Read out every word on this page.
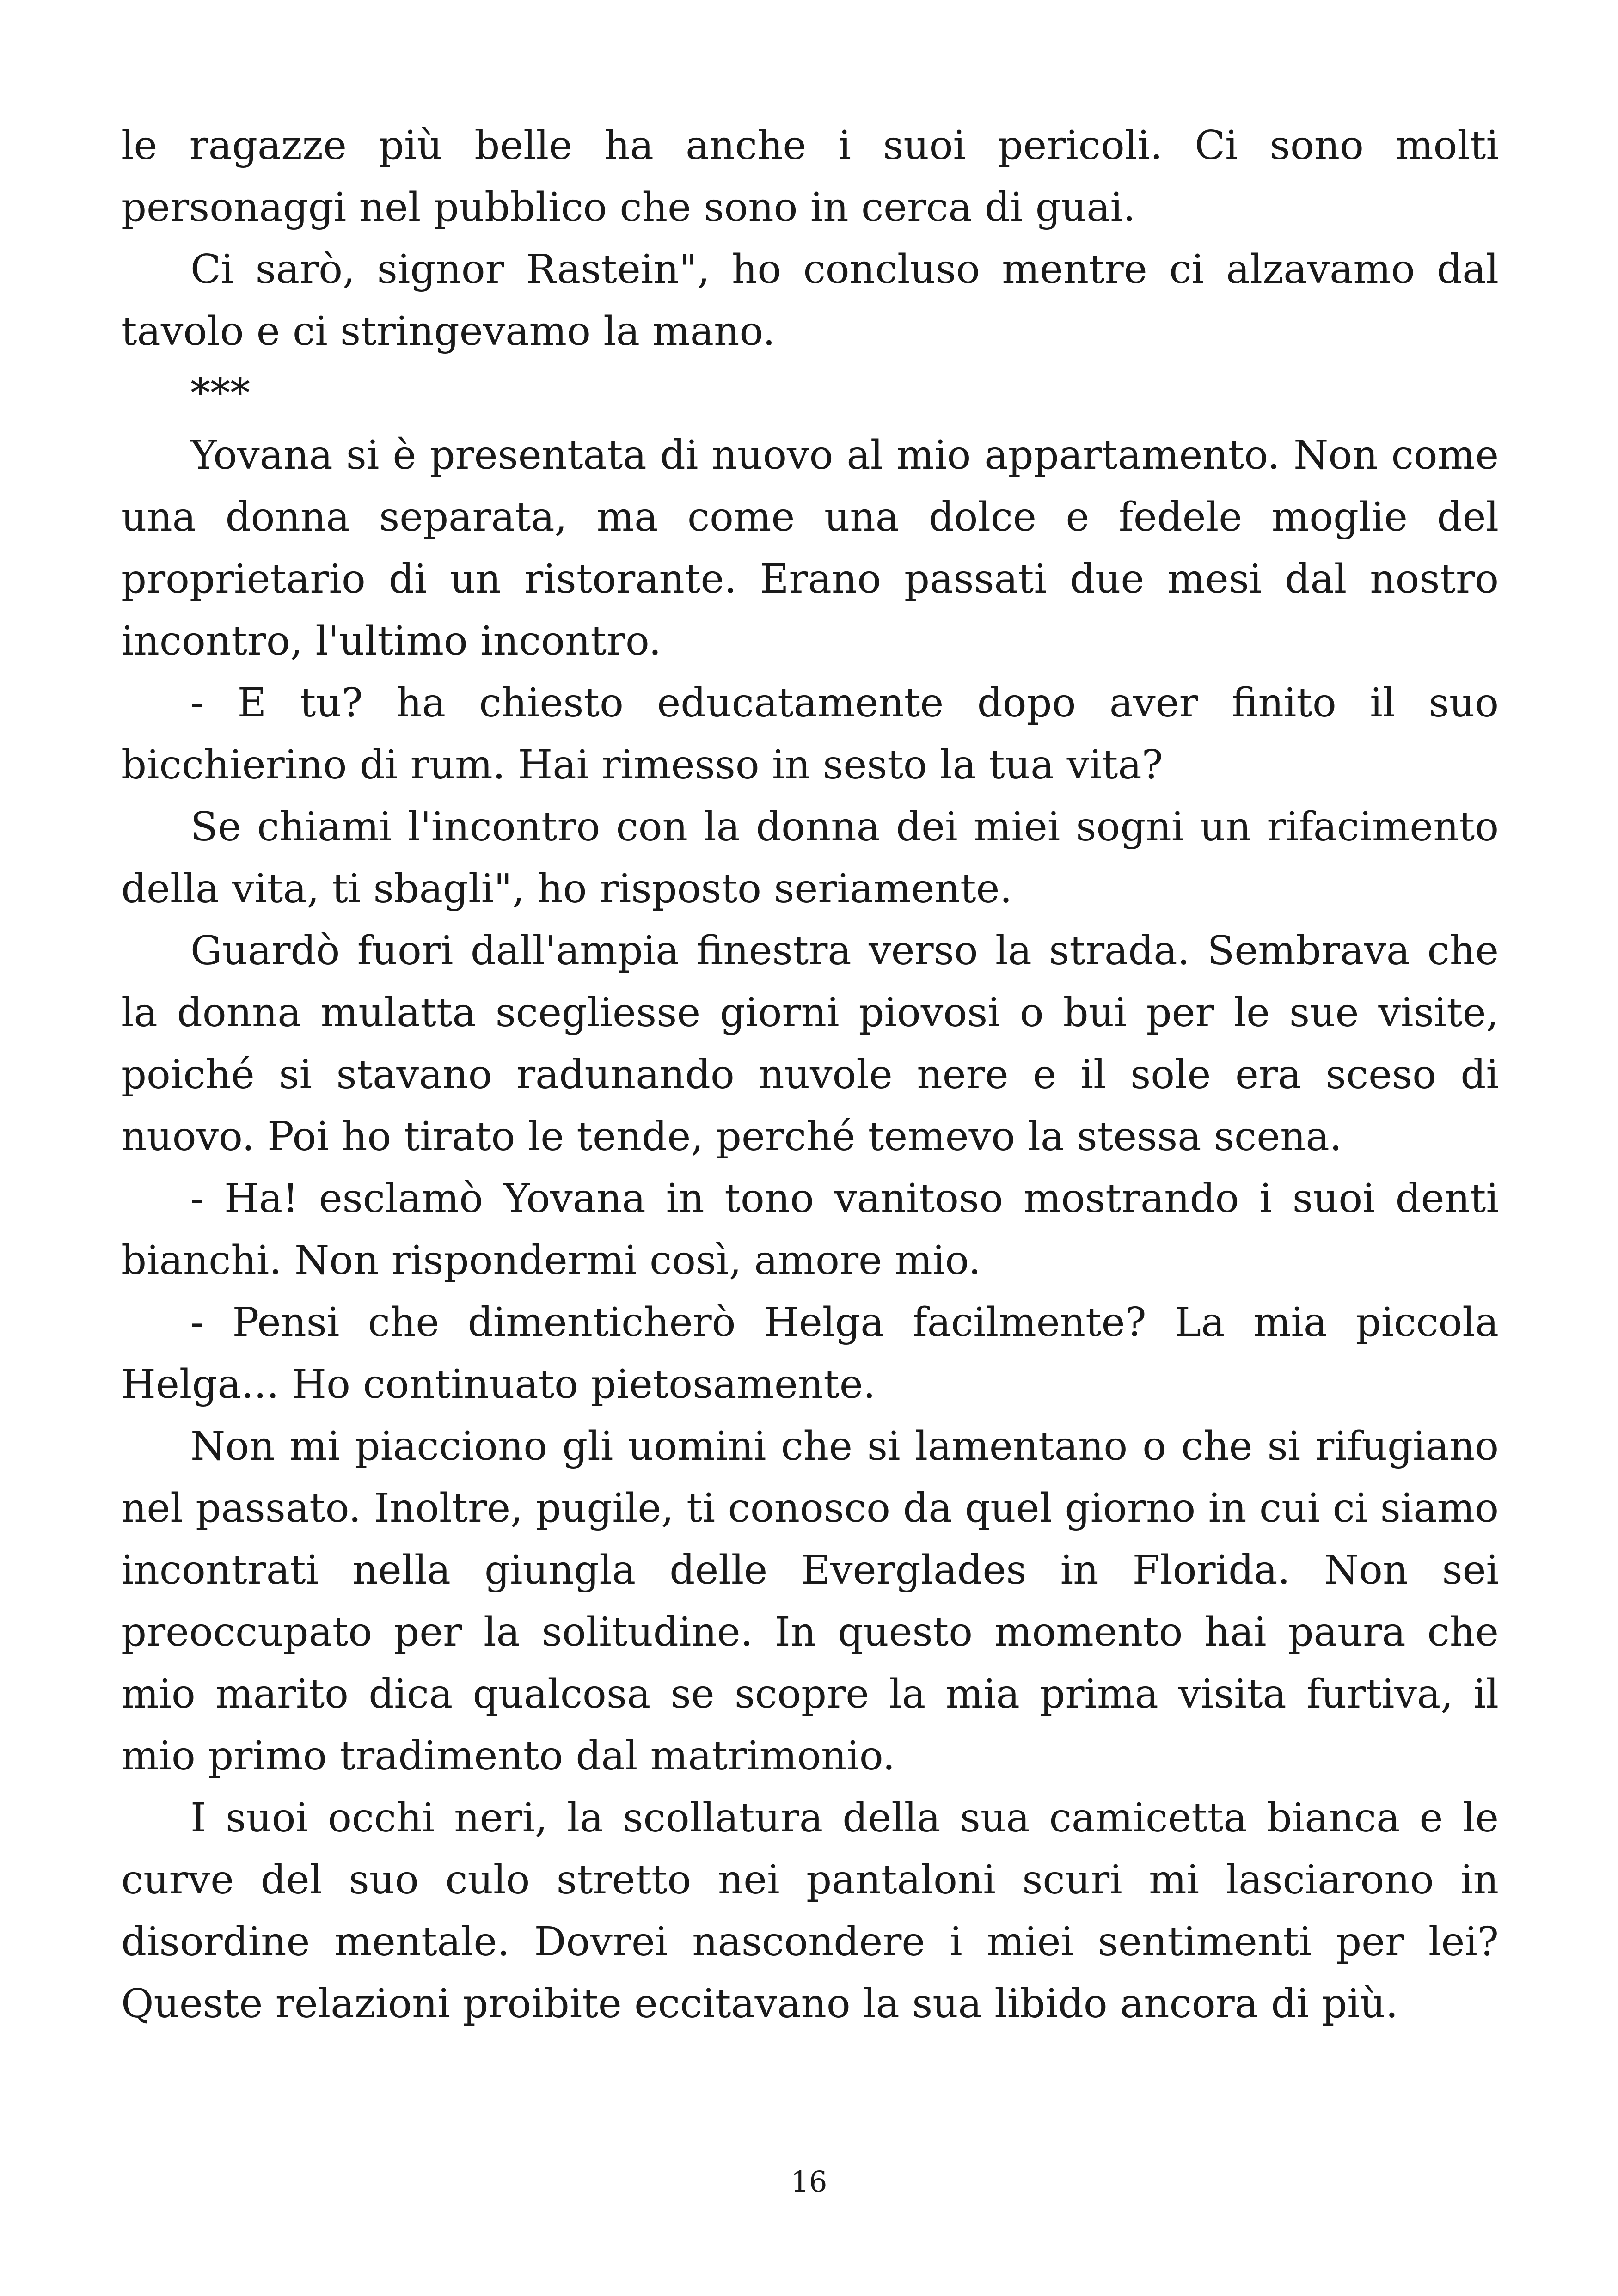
le ragazze più belle ha anche i suoi pericoli. Ci sono molti personaggi nel pubblico che sono in cerca di guai.

Ci sarò, signor Rastein", ho concluso mentre ci alzavamo dal tavolo e ci stringevamo la mano.

***

Yovana si è presentata di nuovo al mio appartamento. Non come una donna separata, ma come una dolce e fedele moglie del proprietario di un ristorante. Erano passati due mesi dal nostro incontro, l'ultimo incontro.

- E tu? ha chiesto educatamente dopo aver finito il suo bicchierino di rum. Hai rimesso in sesto la tua vita?

Se chiami l'incontro con la donna dei miei sogni un rifacimento della vita, ti sbagli", ho risposto seriamente.

Guardò fuori dall'ampia finestra verso la strada. Sembrava che la donna mulatta scegliesse giorni piovosi o bui per le sue visite, poiché si stavano radunando nuvole nere e il sole era sceso di nuovo. Poi ho tirato le tende, perché temevo la stessa scena.

- Ha! esclamò Yovana in tono vanitoso mostrando i suoi denti bianchi. Non rispondermi così, amore mio.

- Pensi che dimenticherò Helga facilmente? La mia piccola Helga... Ho continuato pietosamente.

Non mi piacciono gli uomini che si lamentano o che si rifugiano nel passato. Inoltre, pugile, ti conosco da quel giorno in cui ci siamo incontrati nella giungla delle Everglades in Florida. Non sei preoccupato per la solitudine. In questo momento hai paura che mio marito dica qualcosa se scopre la mia prima visita furtiva, il mio primo tradimento dal matrimonio.

I suoi occhi neri, la scollatura della sua camicetta bianca e le curve del suo culo stretto nei pantaloni scuri mi lasciarono in disordine mentale. Dovrei nascondere i miei sentimenti per lei? Queste relazioni proibite eccitavano la sua libido ancora di più.

16
